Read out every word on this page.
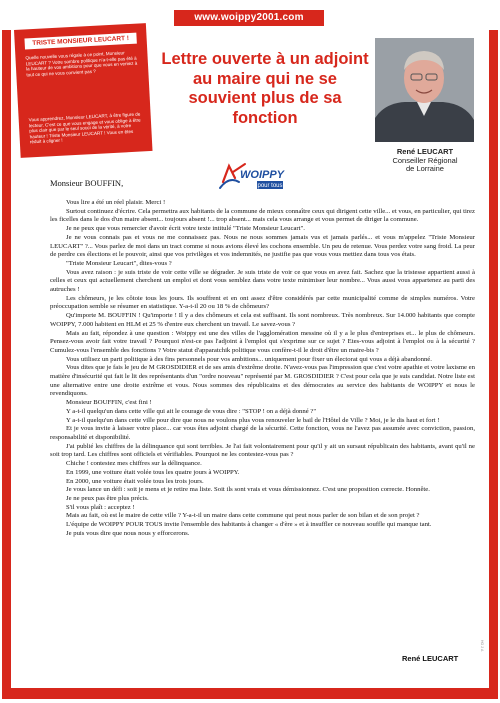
www.woippy2001.com
TRISTE MONSIEUR LEUCART !
Quelle nouvelle vous régale à ce point, Monsieur LEUCART ? Votre sombre politique n'a-t-elle pas été à la hauteur de vos ambitions pour que vous en veniez à tout ce qui ne vous convient pas ?
Vous apprendrez, Monsieur LEUCART, à être figure de lecteur. C'est ce que vous engage et vous oblige à être plus clair que par le seul souci de la vérité, à votre hauteur ! Triste Monsieur LEUCART ! Vous en êtes réduit à cligner !
Lettre ouverte à un adjoint au maire qui ne se souvient plus de sa fonction
René LEUCART
Conseiller Régional
de Lorraine
WOIPPY
pour tous
Monsieur BOUFFIN,

Vous lire a été un réel plaisir. Merci !

Surtout continuez d'écrire. Cela permettra aux habitants de la commune de mieux connaître ceux qui dirigent cette ville... et vous, en particulier, qui tirez les ficelles dans le dos d'un maire absent... toujours absent !... trop absent... mais cela vous arrange et vous permet de diriger la commune.

Je ne peux que vous remercier d'avoir écrit votre texte intitulé "Triste Monsieur Leucart".

Je ne vous connais pas et vous ne me connaissez pas. Nous ne nous sommes jamais vus et jamais parlés... et vous m'appelez "Triste Monsieur LEUCART" ?... Vous parlez de moi dans un tract comme si nous avions élevé les cochons ensemble. Un peu de retenue. Vous perdez votre sang froid. La peur de perdre ces élections et le pouvoir, ainsi que vos privilèges et vos indemnités, ne justifie pas que vous vous mettiez dans tous vos états.

"Triste Monsieur Leucart", dites-vous ?

Vous avez raison : je suis triste de voir cette ville se dégrader. Je suis triste de voir ce que vous en avez fait. Sachez que la tristesse appartient aussi à celles et ceux qui actuellement cherchent un emploi et dont vous semblez dans votre texte minimiser leur nombre... Vous aussi vous appartenez au parti des autruches !

Les chômeurs, je les côtoie tous les jours. Ils souffrent et en ont assez d'être considérés par cette municipalité comme de simples numéros. Votre préoccupation semble se résumer en statistique. Y-a-t-il 20 ou 18 % de chômeurs?

Qu'importe M. BOUFFIN ! Qu'importe ! Il y a des chômeurs et cela est suffisant. Ils sont nombreux. Très nombreux. Sur 14.000 habitants que compte WOIPPY, 7.000 habitent en HLM et 25 % d'entre eux cherchent un travail. Le savez-vous ?

Mais au fait, répondez à une question : Woippy est une des villes de l'agglomération messine où il y a le plus d'entreprises et... le plus de chômeurs. Pensez-vous avoir fait votre travail ? Pourquoi n'est-ce pas l'adjoint à l'emploi qui s'exprime sur ce sujet ? Etes-vous adjoint à l'emploi ou à la sécurité ? Cumulez-vous l'ensemble des fonctions ? Votre statut d'apparatchik politique vous confère-t-il le droit d'être un maire-bis ?

Vous utilisez un parti politique à des fins personnels pour vos ambitions... uniquement pour fixer un électorat qui vous a déjà abandonné.

Vous dites que je fais le jeu de M GROSDIDIER et de ses amis d'extrême droite. N'avez-vous pas l'impression que c'est votre apathie et votre laxisme en matière d'insécurité qui fait le lit des représentants d'un "ordre nouveau" représenté par M. GROSDIDIER ? C'est pour cela que je suis candidat. Notre liste est une alternative entre une droite extrême et vous. Nous sommes des républicains et des démocrates au service des habitants de WOIPPY et nous le revendiquons.

Monsieur BOUFFIN, c'est fini !

Y a-t-il quelqu'un dans cette ville qui ait le courage de vous dire : "STOP ! on a déjà donné ?"

Y a-t-il quelqu'un dans cette ville pour dire que nous ne voulons plus vous renouveler le bail de l'Hôtel de Ville ? Moi, je le dis haut et fort !

Et je vous invite à laisser votre place... car vous êtes adjoint chargé de la sécurité. Cette fonction, vous ne l'avez pas assumée avec conviction, passion, responsabilité et disponibilité.

J'ai publié les chiffres de la délinquance qui sont terribles. Je l'ai fait volontairement pour qu'il y ait un sursaut républicain des habitants, avant qu'il ne soit trop tard. Les chiffres sont officiels et vérifiables. Pourquoi ne les contestez-vous pas ?

Chiche ! contestez mes chiffres sur la délinquance.

En 1999, une voiture était volée tous les quatre jours à WOIPPY.

En 2000, une voiture était volée tous les trois jours.

Je vous lance un défi : soit je mens et je retire ma liste. Soit ils sont vrais et vous démissionnez. C'est une proposition correcte. Honnête.

Je ne peux pas être plus précis.

S'il vous plaît : acceptez !

Mais au fait, où est le maire de cette ville ? Y-a-t-il un maire dans cette commune qui peut nous parler de son bilan et de son projet ?

L'équipe de WOIPPY POUR TOUS invite l'ensemble des habitants à changer « d'ère » et à insuffler ce nouveau souffle qui manque tant.

Je puis vous dire que nous nous y efforcerons.

René LEUCART
HG 2 A
